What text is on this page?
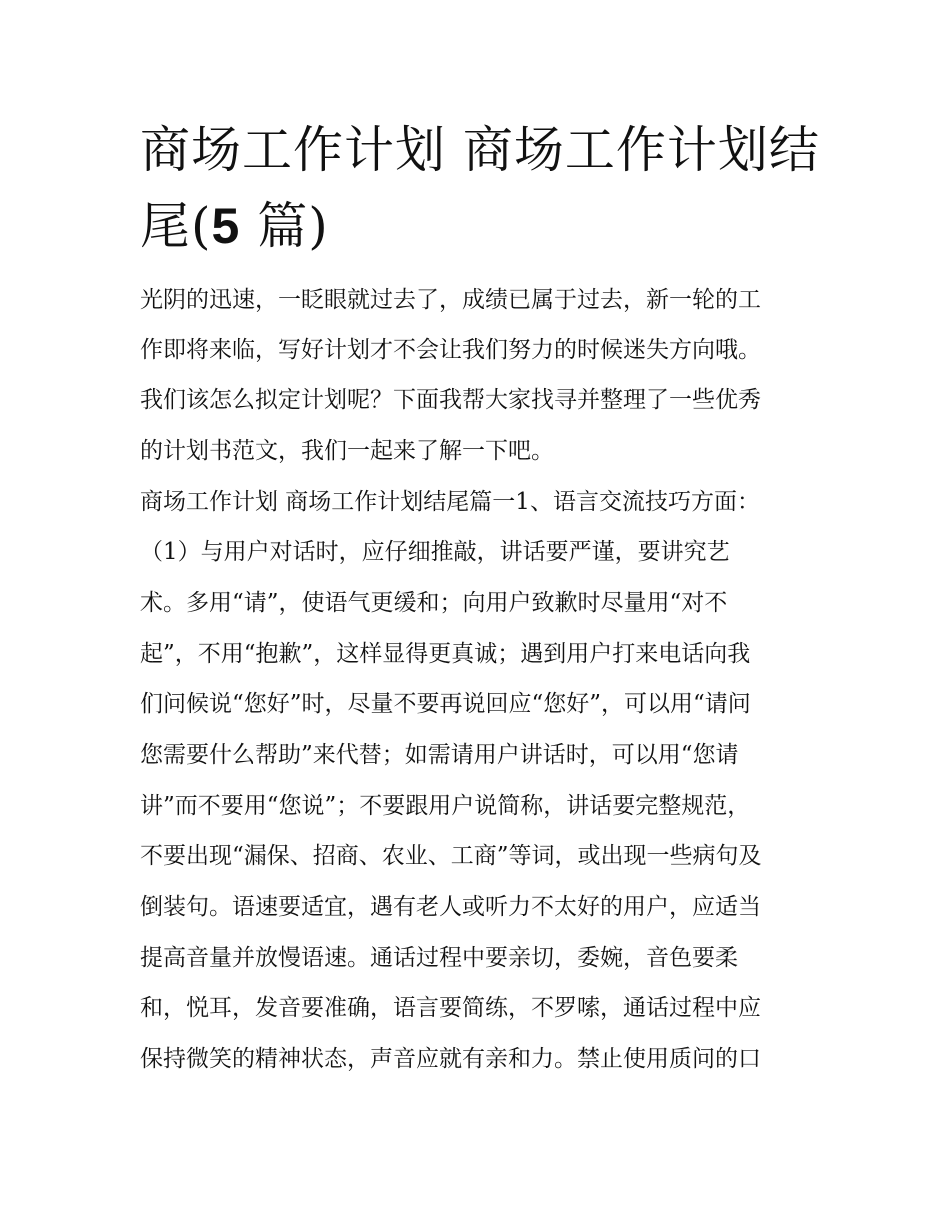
商场工作计划 商场工作计划结
尾(5 篇)

光阴的迅速，一眨眼就过去了，成绩已属于过去，新一轮的工

作即将来临，写好计划才不会让我们努力的时候迷失方向哦。

我们该怎么拟定计划呢？下面我帮大家找寻并整理了一些优秀

的计划书范文，我们一起来了解一下吧。

商场工作计划 商场工作计划结尾篇一1、语言交流技巧方面：

（1）与用户对话时，应仔细推敲，讲话要严谨，要讲究艺

术。多用“请”，使语气更缓和；向用户致歉时尽量用“对不

起”，不用“抱歉”，这样显得更真诚；遇到用户打来电话向我

们问候说“您好”时，尽量不要再说回应“您好”，可以用“请问

您需要什么帮助”来代替；如需请用户讲话时，可以用“您请

讲”而不要用“您说”；不要跟用户说简称，讲话要完整规范，

不要出现“漏保、招商、农业、工商”等词，或出现一些病句及

倒装句。语速要适宜，遇有老人或听力不太好的用户，应适当

提高音量并放慢语速。通话过程中要亲切，委婉，音色要柔

和，悦耳，发音要准确，语言要简练，不罗嗦，通话过程中应

保持微笑的精神状态，声音应就有亲和力。禁止使用质问的口
